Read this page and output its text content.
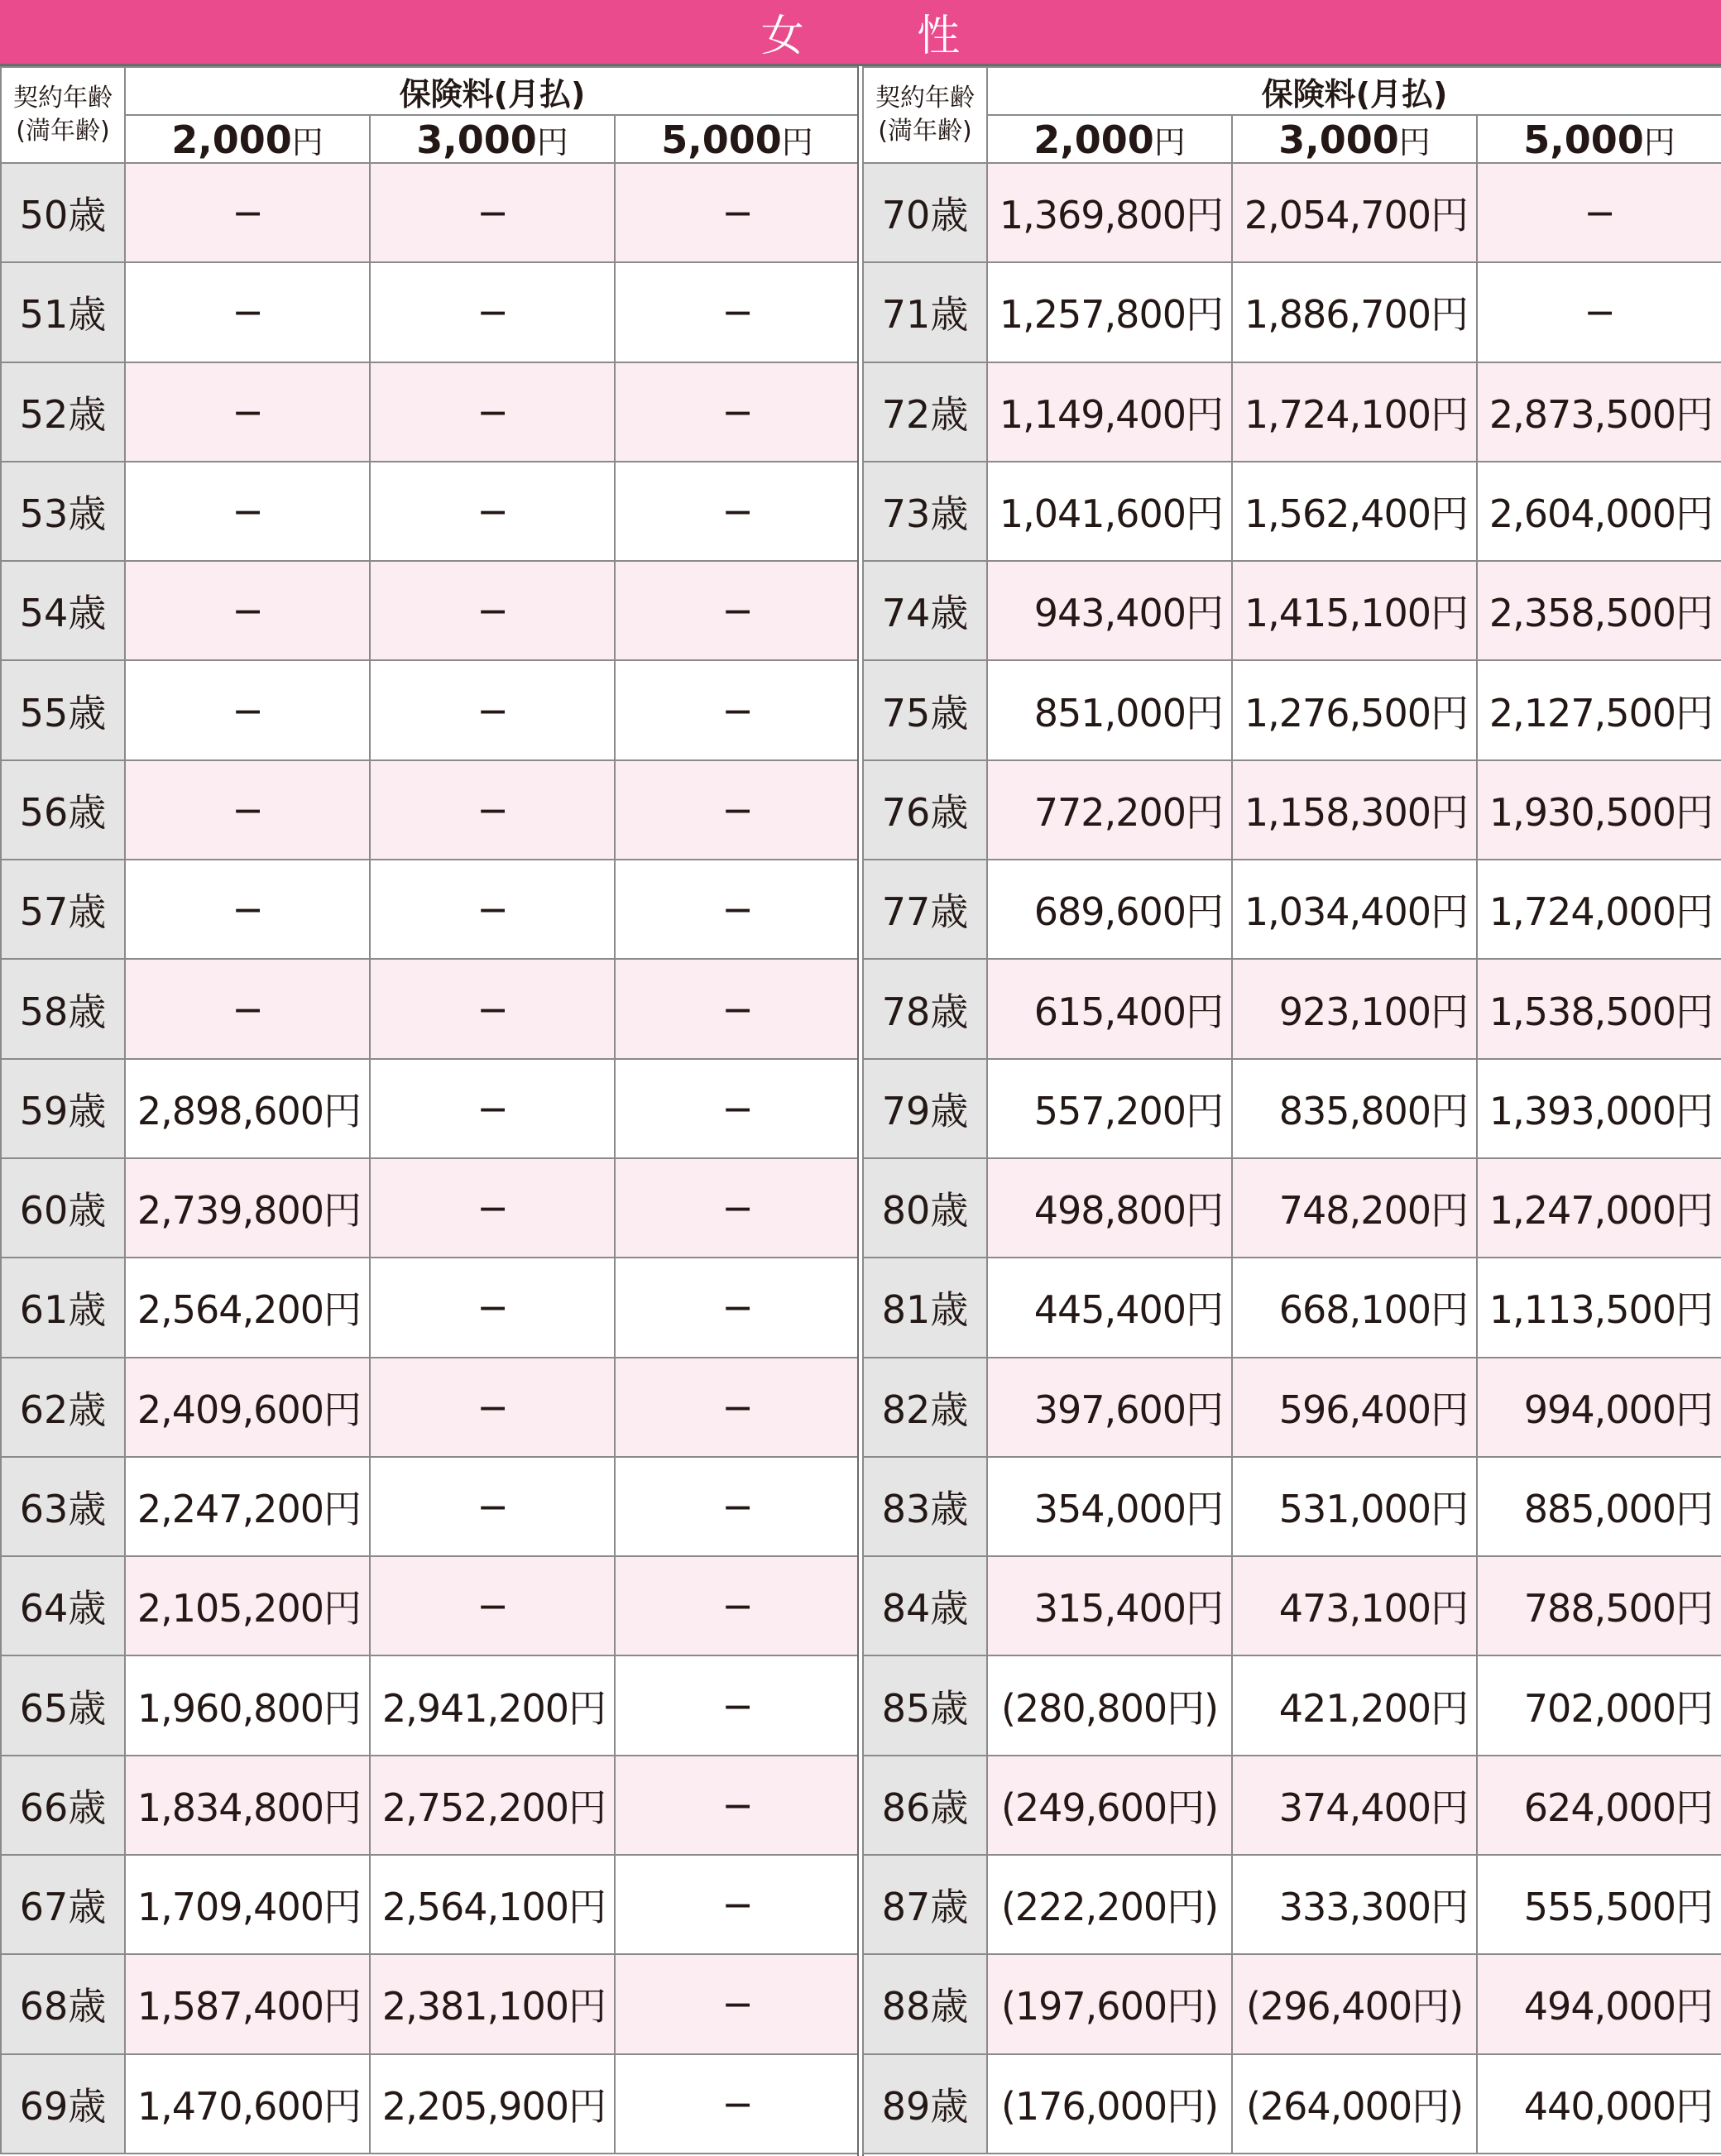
女 性
契約年齢
(満年齢)	保険料(月払)		
	2,000円	3,000円	5,000円
50歳	−	−	−
51歳	−	−	−
52歳	−	−	−
53歳	−	−	−
54歳	−	−	−
55歳	−	−	−
56歳	−	−	−
57歳	−	−	−
58歳	−	−	−
59歳	2,898,600円	−	−
60歳	2,739,800円	−	−
61歳	2,564,200円	−	−
62歳	2,409,600円	−	−
63歳	2,247,200円	−	−
64歳	2,105,200円	−	−
65歳	1,960,800円	2,941,200円	−
66歳	1,834,800円	2,752,200円	−
67歳	1,709,400円	2,564,100円	−
68歳	1,587,400円	2,381,100円	−
69歳	1,470,600円	2,205,900円	−
契約年齢
(満年齢)	保険料(月払)		
	2,000円	3,000円	5,000円
70歳	1,369,800円	2,054,700円	−
71歳	1,257,800円	1,886,700円	−
72歳	1,149,400円	1,724,100円	2,873,500円
73歳	1,041,600円	1,562,400円	2,604,000円
74歳	943,400円	1,415,100円	2,358,500円
75歳	851,000円	1,276,500円	2,127,500円
76歳	772,200円	1,158,300円	1,930,500円
77歳	689,600円	1,034,400円	1,724,000円
78歳	615,400円	923,100円	1,538,500円
79歳	557,200円	835,800円	1,393,000円
80歳	498,800円	748,200円	1,247,000円
81歳	445,400円	668,100円	1,113,500円
82歳	397,600円	596,400円	994,000円
83歳	354,000円	531,000円	885,000円
84歳	315,400円	473,100円	788,500円
85歳	(280,800円)	421,200円	702,000円
86歳	(249,600円)	374,400円	624,000円
87歳	(222,200円)	333,300円	555,500円
88歳	(197,600円)	(296,400円)	494,000円
89歳	(176,000円)	(264,000円)	440,000円
